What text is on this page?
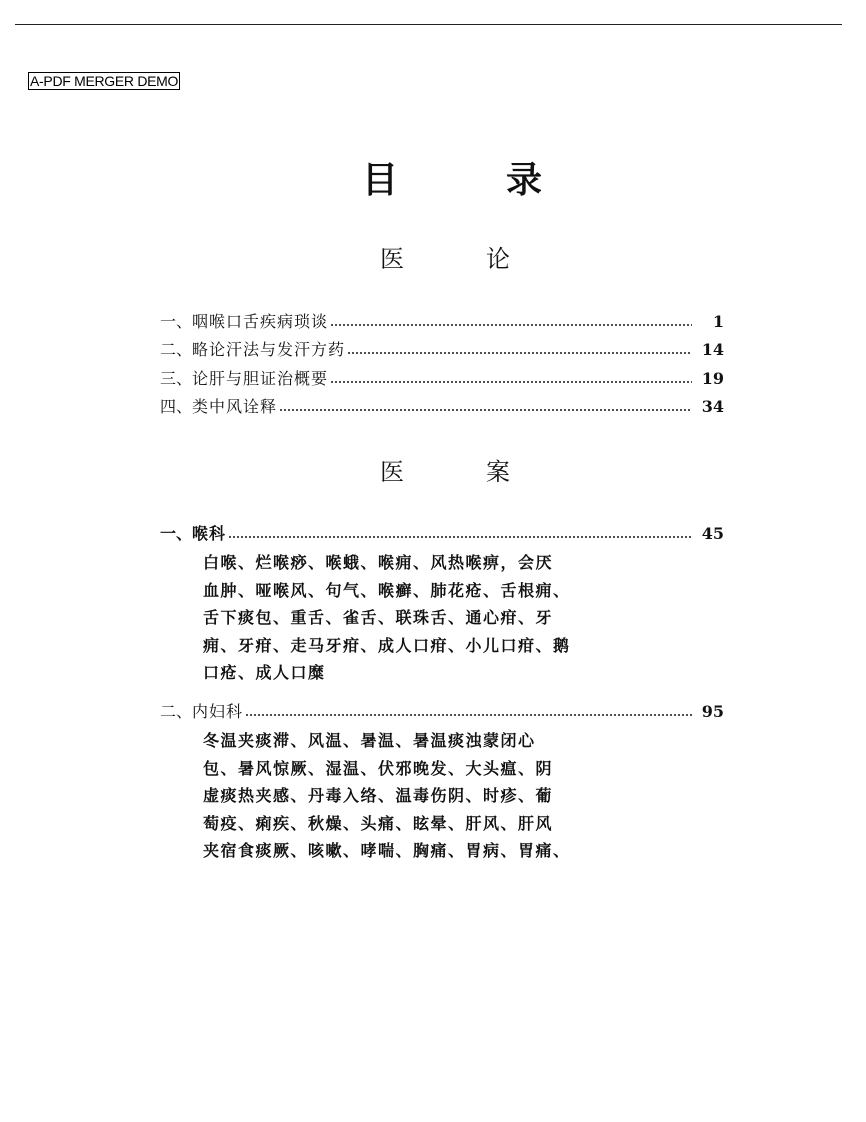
A-PDF MERGER DEMO
目	录
医	论
一、 咽喉口舌疾病琐谈	1
二、 略论汗法与发汗方药	14
三、 论肝与胆证治概要	19
四、 类中风诠释	34
医	案
一、 喉科	45
白喉、烂喉痧、喉蛾、喉痈、风热喉痹，会厌
血肿、哑喉风、句气、喉癣、肺花疮、舌根痈、
舌下痰包、重舌、雀舌、联珠舌、通心疳、牙
痈、牙疳、走马牙疳、成人口疳、小儿口疳、鹅
口疮、成人口糜
二、 内妇科	95
冬温夹痰滞、风温、暑温、暑温痰浊蒙闭心
包、暑风惊厥、湿温、伏邪晚发、大头瘟、阴
虚痰热夹感、丹毒入络、温毒伤阴、时疹、葡
萄疫、痢疾、秋燥、头痛、眩晕、肝风、肝风
夹宿食痰厥、咳嗽、哮喘、胸痛、胃病、胃痛、
